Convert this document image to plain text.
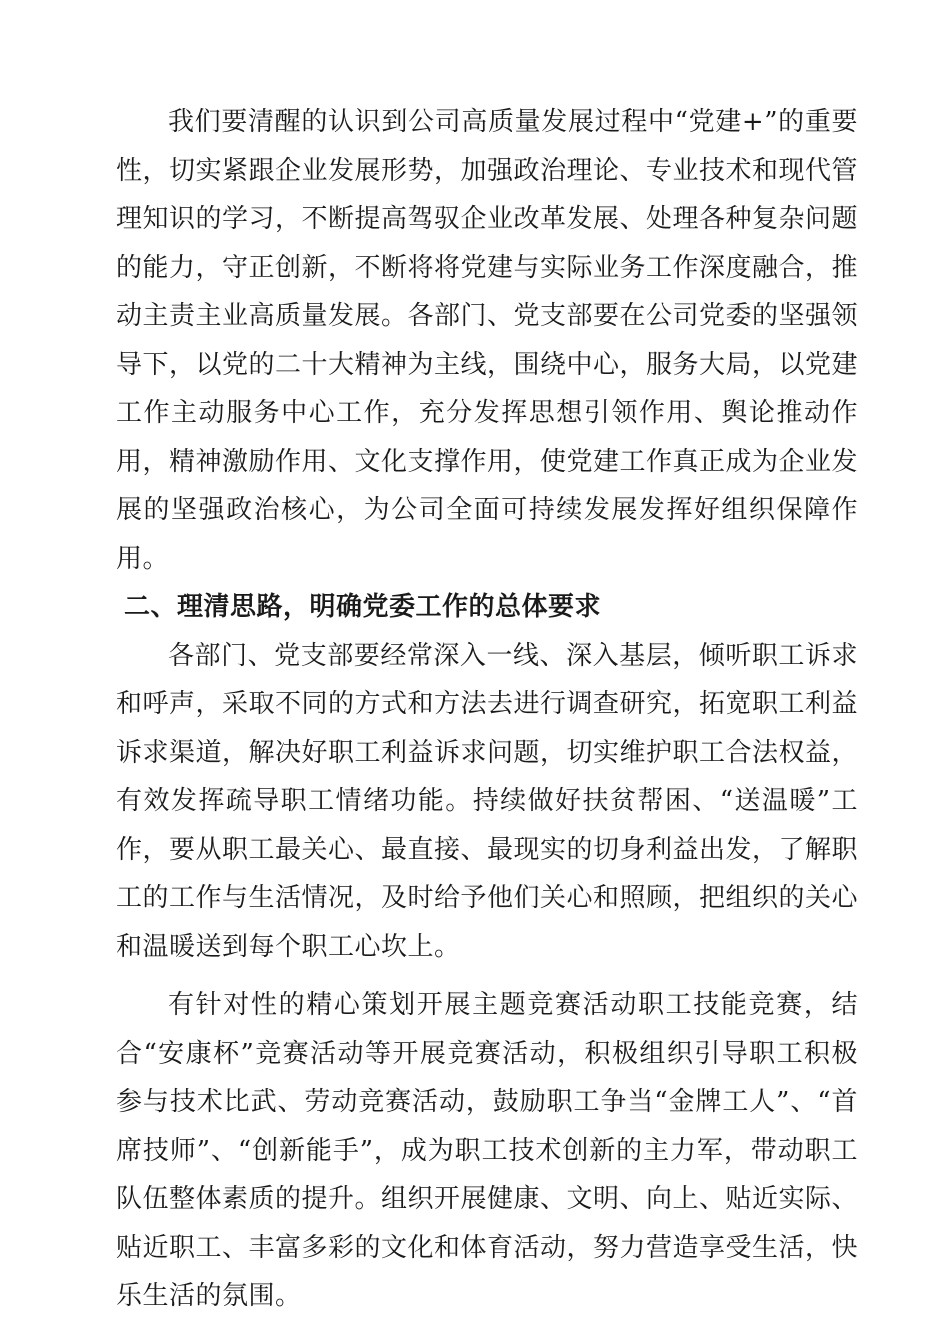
我们要清醒的认识到公司高质量发展过程中“党建+”的重要性，切实紧跟企业发展形势，加强政治理论、专业技术和现代管理知识的学习，不断提高驾驭企业改革发展、处理各种复杂问题的能力，守正创新，不断将将党建与实际业务工作深度融合，推动主责主业高质量发展。各部门、党支部要在公司党委的坚强领导下，以党的二十大精神为主线，围绕中心，服务大局，以党建工作主动服务中心工作，充分发挥思想引领作用、舆论推动作用，精神激励作用、文化支撑作用，使党建工作真正成为企业发展的坚强政治核心，为公司全面可持续发展发挥好组织保障作用。

二、理清思路，明确党委工作的总体要求

各部门、党支部要经常深入一线、深入基层，倾听职工诉求和呼声，采取不同的方式和方法去进行调查研究，拓宽职工利益诉求渠道，解决好职工利益诉求问题，切实维护职工合法权益，有效发挥疏导职工情绪功能。持续做好扶贫帮困、“送温暖”工作，要从职工最关心、最直接、最现实的切身利益出发，了解职工的工作与生活情况，及时给予他们关心和照顾，把组织的关心和温暖送到每个职工心坎上。

有针对性的精心策划开展主题竞赛活动职工技能竞赛，结合“安康杯”竞赛活动等开展竞赛活动，积极组织引导职工积极参与技术比武、劳动竞赛活动，鼓励职工争当“金牌工人”、“首席技师”、“创新能手”，成为职工技术创新的主力军，带动职工队伍整体素质的提升。组织开展健康、文明、向上、贴近实际、贴近职工、丰富多彩的文化和体育活动，努力营造享受生活，快乐生活的氛围。
